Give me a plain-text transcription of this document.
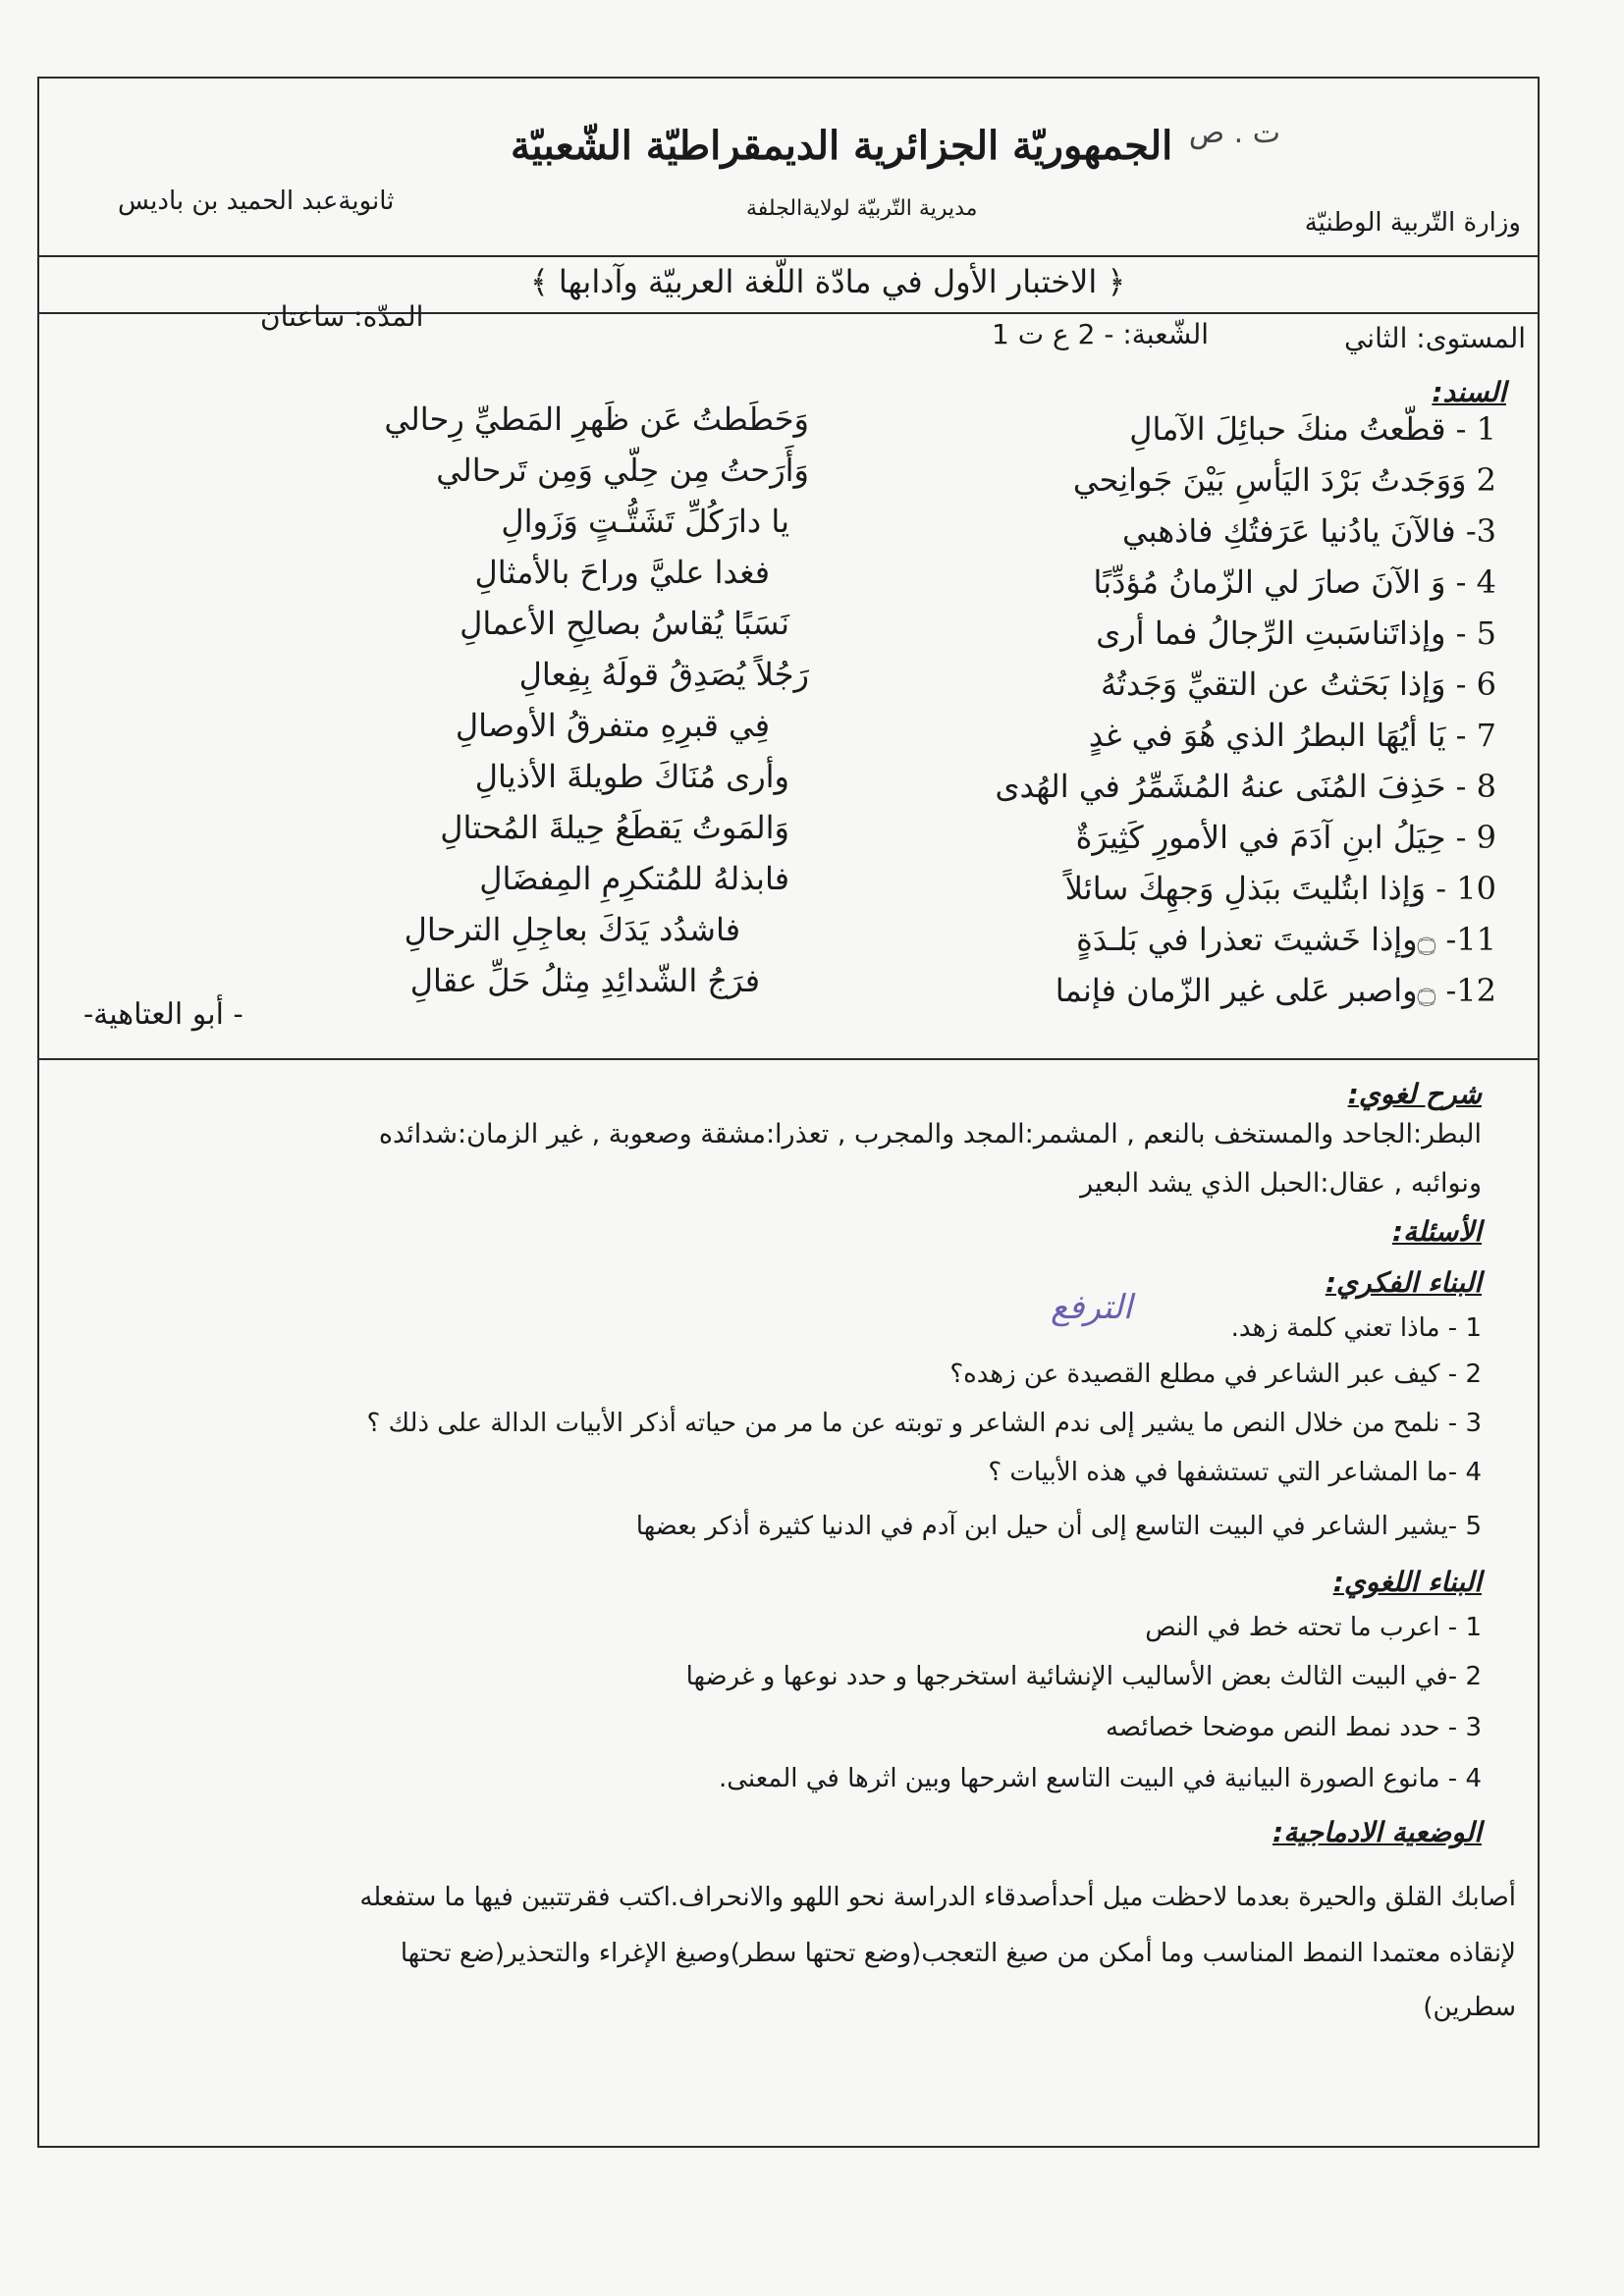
ت . ص
الجمهوريّة الجزائرية الديمقراطيّة الشّعبيّة
وزارة التّربية الوطنيّة
مديرية التّربيّة لولايةالجلفة
ثانويةعبد الحميد بن باديس
﴿ الاختبار الأول في مادّة اللّغة العربيّة وآدابها ﴾
المستوى: الثاني
الشّعبة: - 2 ع ت 1
المدّة: ساعتان
السند:
1 - قطّعتُ منكَ حبائِلَ الآمالِ
2 وَوَجَدتُ بَرْدَ اليَأسِ بَيْنَ جَوانِحي
3- فالآنَ يادُنيا عَرَفتُكِ فاذهبي
4 - وَ الآنَ صارَ لي الزّمانُ مُؤدِّبًا
5 - وإذاتَناسَبتِ الرِّجالُ فما أرى
6 - وَإذا بَحَثتُ عن التقيِّ وَجَدتُهُ
7 - يَا أيُهَا البطرُ الذي هُوَ في غدٍ
8 - حَذِفَ المُنَى عنهُ المُشَمِّرُ في الهُدى
9 - حِيَلُ ابنِ آدَمَ في الأمورِ كَثِيرَةٌ
10 - وَإذا ابتُليتَ ببَذلِ وَجهِكَ سائلاً
11- ۝وإذا خَشيتَ تعذرا في بَلـدَةٍ
12- ۝واصبر عَلى غير الزّمان فإنما
وَحَطَطتُ عَن ظَهرِ المَطيِّ رِحالي
وَأَرَحتُ مِن حِلّي وَمِن تَرحالي
يا دارَكُلِّ تَشَتُّـتٍ وَزَوالِ
فغدا عليَّ وراحَ بالأمثالِ
نَسَبًا يُقاسُ بصالِحِ الأعمالِ
رَجُلاً يُصَدِقُ قولَهُ بِفِعالِ
فِي قبرِهِ متفرقُ الأوصالِ
وأرى مُنَاكَ طويلةَ الأذيالِ
وَالمَوتُ يَقطَعُ حِيلةَ المُحتالِ
فابذلهُ للمُتكرِمِ المِفضَالِ
فاشدُد يَدَكَ بعاجِلِ الترحالِ
فرَجُ الشّدائِدِ مِثلُ حَلِّ عقالِ
- أبو العتاهية-
شرح لغوي:
البطر:الجاحد والمستخف بالنعم , المشمر:المجد والمجرب , تعذرا:مشقة وصعوبة , غير الزمان:شدائده
ونوائبه , عقال:الحبل الذي يشد البعير
الأسئلة:
البناء الفكري:
1 - ماذا تعني كلمة زهد.
الترفع
2 - كيف عبر الشاعر في مطلع القصيدة عن زهده؟
3 - نلمح من خلال النص ما يشير إلى ندم الشاعر و توبته عن ما مر من حياته أذكر الأبيات الدالة على ذلك ؟
4 -ما المشاعر التي تستشفها في هذه الأبيات ؟
5 -يشير الشاعر في البيت التاسع إلى أن حيل ابن آدم في الدنيا كثيرة أذكر بعضها
البناء اللغوي:
1 - اعرب ما تحته خط في النص
2 -في البيت الثالث بعض الأساليب الإنشائية استخرجها و حدد نوعها و غرضها
3 - حدد نمط النص موضحا خصائصه
4 - مانوع الصورة البيانية في البيت التاسع اشرحها وبين اثرها في المعنى.
الوضعية الادماجية:
أصابك القلق والحيرة بعدما لاحظت ميل أحدأصدقاء الدراسة نحو اللهو والانحراف.اكتب فقرتتبين فيها ما ستفعله
لإنقاذه معتمدا النمط المناسب وما أمكن من صيغ التعجب(وضع تحتها سطر)وصيغ الإغراء والتحذير(ضع تحتها
سطرين)
